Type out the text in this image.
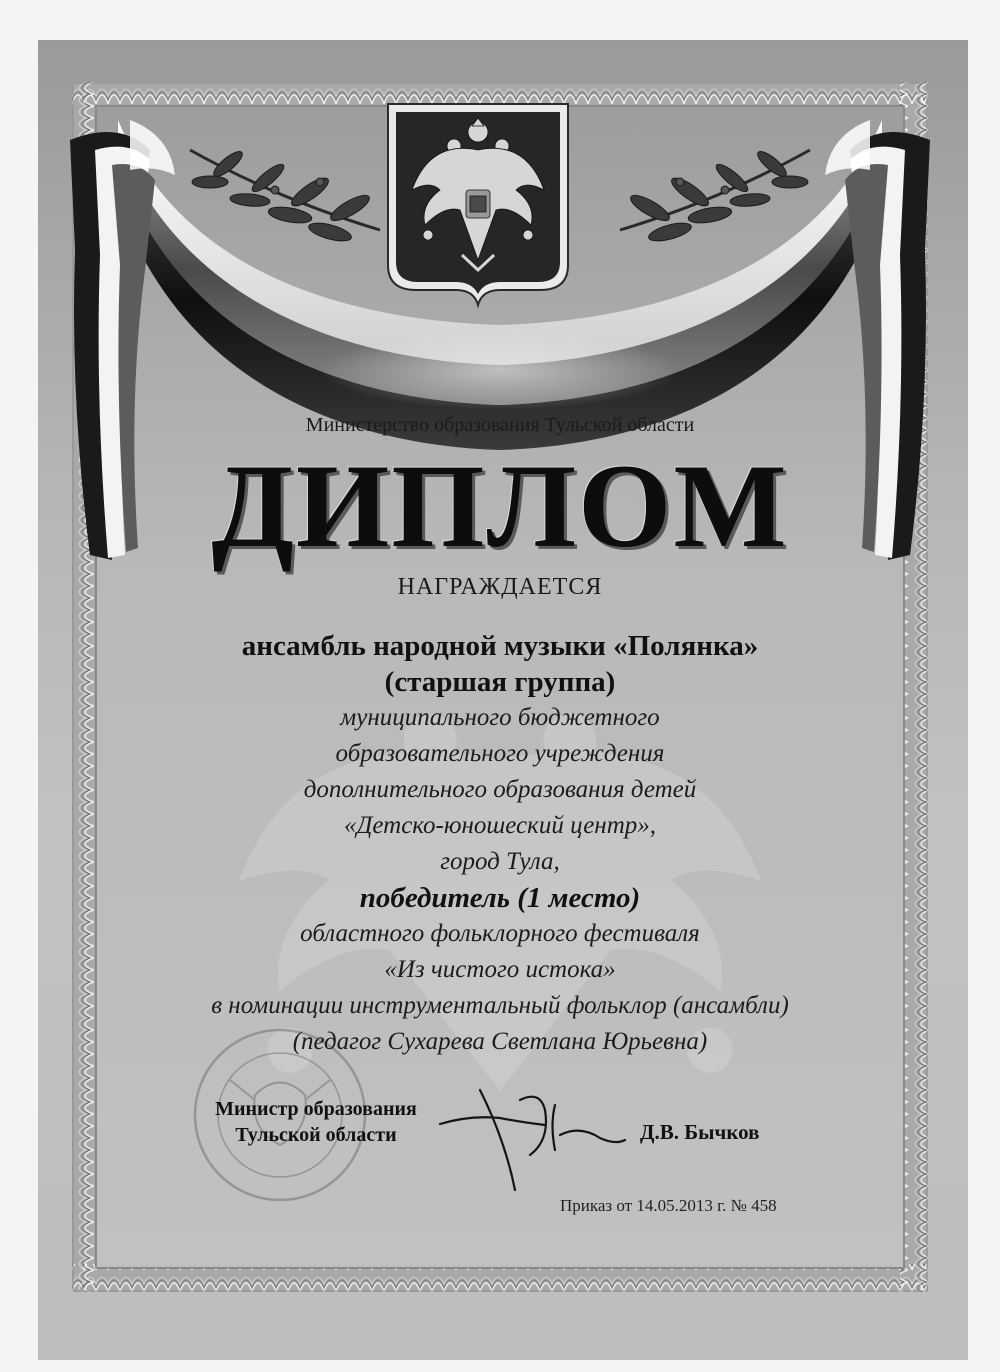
Министерство образования Тульской области
ДИПЛОМ
НАГРАЖДАЕТСЯ
ансамбль народной музыки «Полянка»
(старшая группа)
муниципального бюджетного
образовательного учреждения
дополнительного образования детей
«Детско-юношеский центр»,
город Тула,
победитель (1 место)
областного фольклорного фестиваля
«Из чистого истока»
в номинации инструментальный фольклор (ансамбли)
(педагог Сухарева Светлана Юрьевна)
Министр образования
Тульской области	Д.В. Бычков
Приказ от 14.05.2013 г. № 458
